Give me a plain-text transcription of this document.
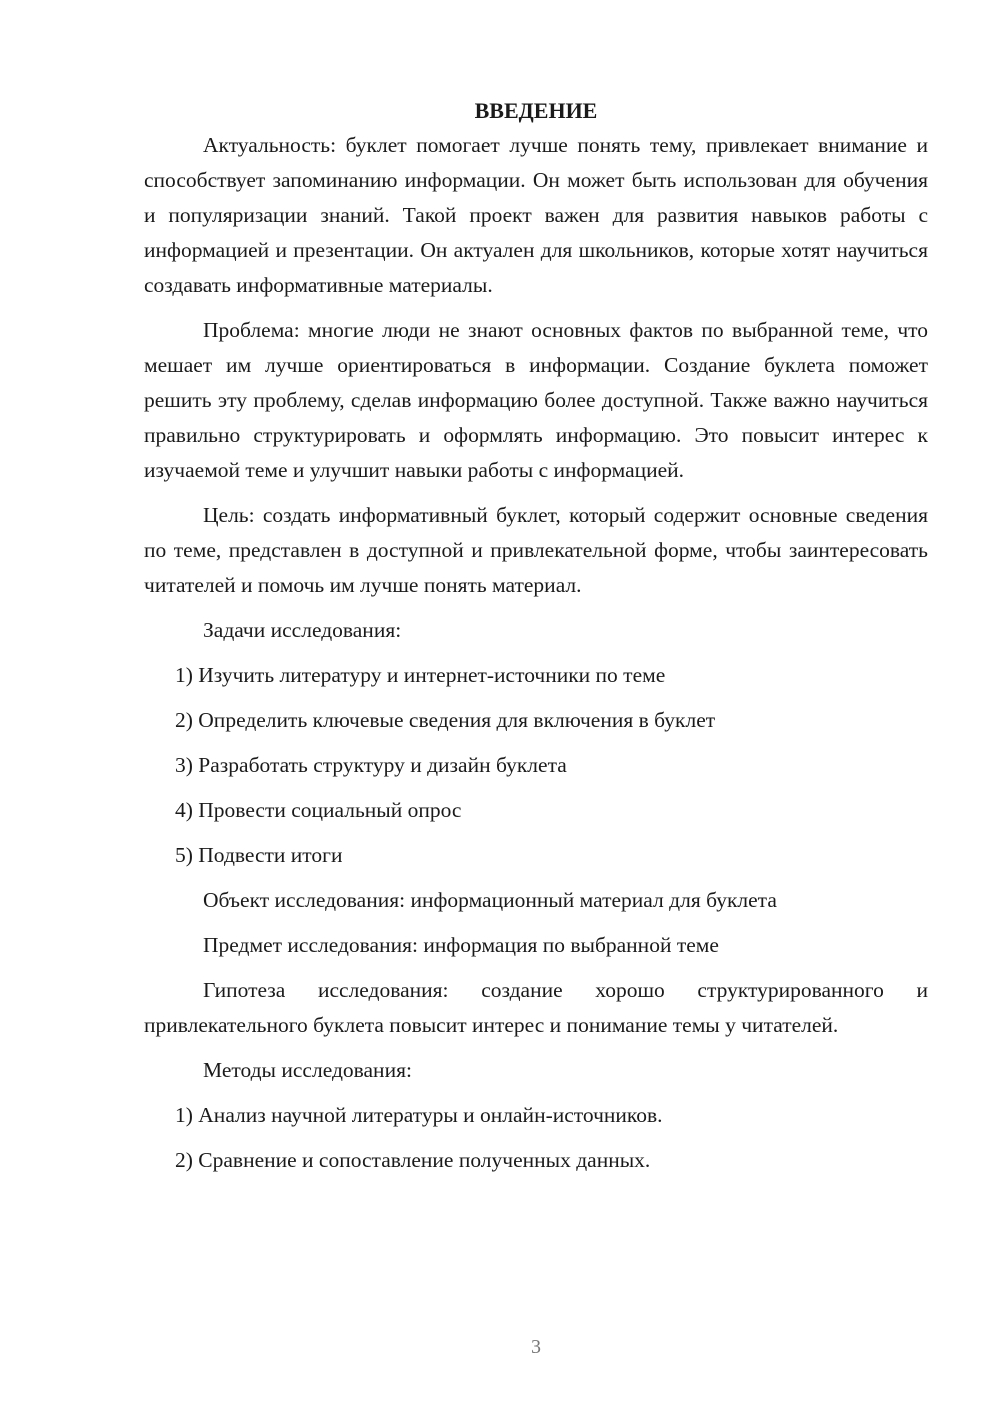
ВВЕДЕНИЕ

Актуальность: буклет помогает лучше понять тему, привлекает внимание и способствует запоминанию информации. Он может быть использован для обучения и популяризации знаний. Такой проект важен для развития навыков работы с информацией и презентации. Он актуален для школьников, которые хотят научиться создавать информативные материалы.

Проблема: многие люди не знают основных фактов по выбранной теме, что мешает им лучше ориентироваться в информации. Создание буклета поможет решить эту проблему, сделав информацию более доступной. Также важно научиться правильно структурировать и оформлять информацию. Это повысит интерес к изучаемой теме и улучшит навыки работы с информацией.

Цель: создать информативный буклет, который содержит основные сведения по теме, представлен в доступной и привлекательной форме, чтобы заинтересовать читателей и помочь им лучше понять материал.

Задачи исследования:
1) Изучить литературу и интернет-источники по теме
2) Определить ключевые сведения для включения в буклет
3) Разработать структуру и дизайн буклета
4) Провести социальный опрос
5) Подвести итоги
Объект исследования: информационный материал для буклета
Предмет исследования: информация по выбранной теме

Гипотеза исследования: создание хорошо структурированного и привлекательного буклета повысит интерес и понимание темы у читателей.

Методы исследования:
1) Анализ научной литературы и онлайн-источников.
2) Сравнение и сопоставление полученных данных.
3
